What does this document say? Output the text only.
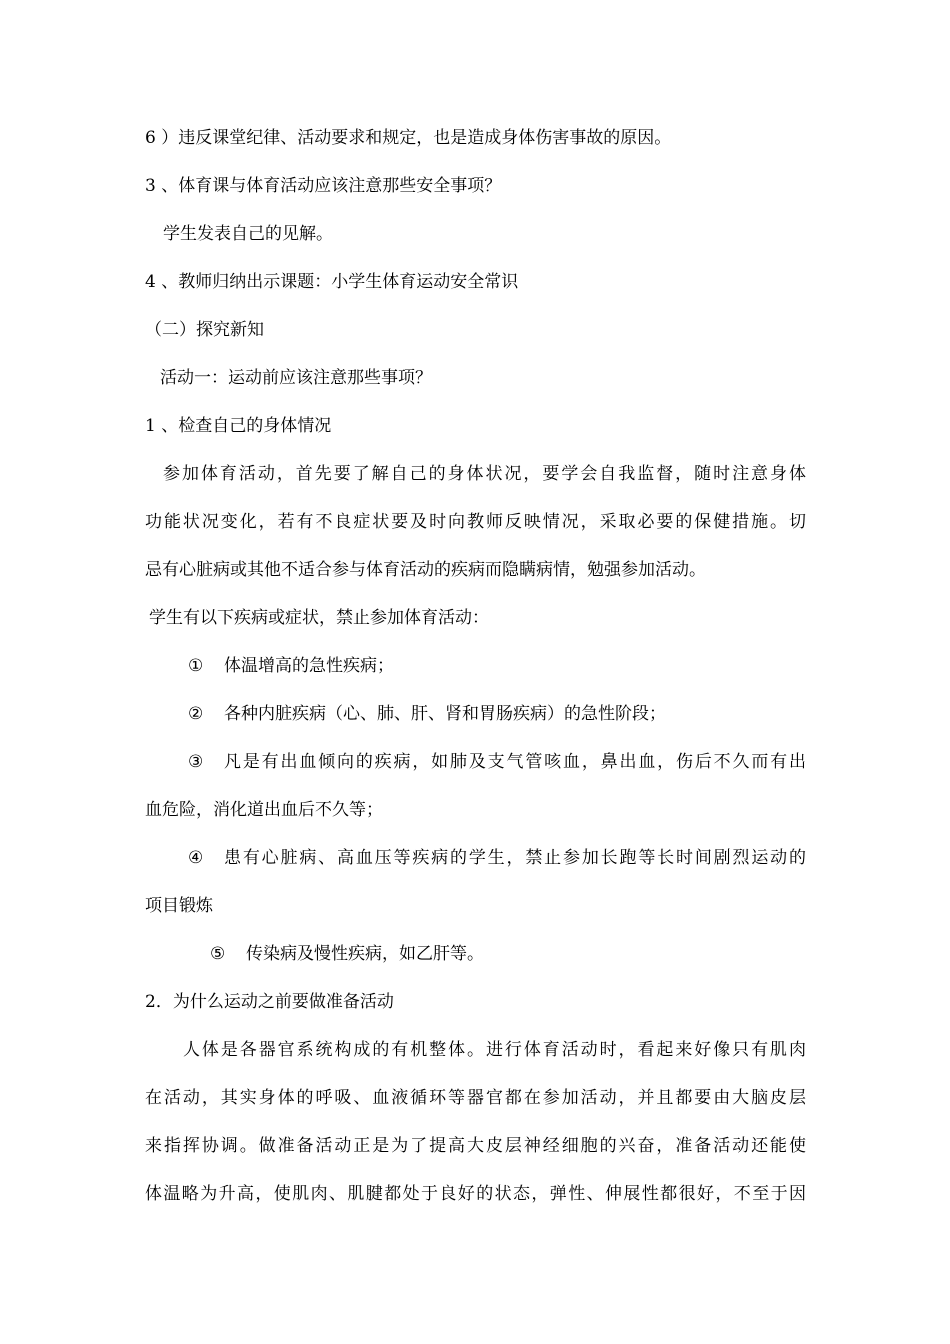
6 ）违反课堂纪律、活动要求和规定，也是造成身体伤害事故的原因。
3 、体育课与体育活动应该注意那些安全事项？
学生发表自己的见解。
4 、教师归纳出示课题：小学生体育运动安全常识
（二）探究新知
活动一：运动前应该注意那些事项？
1 、检查自己的身体情况
参加体育活动，首先要了解自己的身体状况，要学会自我监督，随时注意身体
功能状况变化，若有不良症状要及时向教师反映情况，采取必要的保健措施。切
忌有心脏病或其他不适合参与体育活动的疾病而隐瞒病情，勉强参加活动。
学生有以下疾病或症状，禁止参加体育活动：
① 体温增高的急性疾病；
② 各种内脏疾病（心、肺、肝、肾和胃肠疾病）的急性阶段；
③	凡是有出血倾向的疾病，如肺及支气管咳血，鼻出血，伤后不久而有出
血危险，消化道出血后不久等；
④	患有心脏病、高血压等疾病的学生，禁止参加长跑等长时间剧烈运动的
项目锻炼
⑤ 传染病及慢性疾病，如乙肝等。
2．为什么运动之前要做准备活动
人体是各器官系统构成的有机整体。进行体育活动时，看起来好像只有肌肉
在活动，其实身体的呼吸、血液循环等器官都在参加活动，并且都要由大脑皮层
来指挥协调。做准备活动正是为了提高大皮层神经细胞的兴奋，准备活动还能使
体温略为升高，使肌肉、肌腱都处于良好的状态，弹性、伸展性都很好，不至于因
